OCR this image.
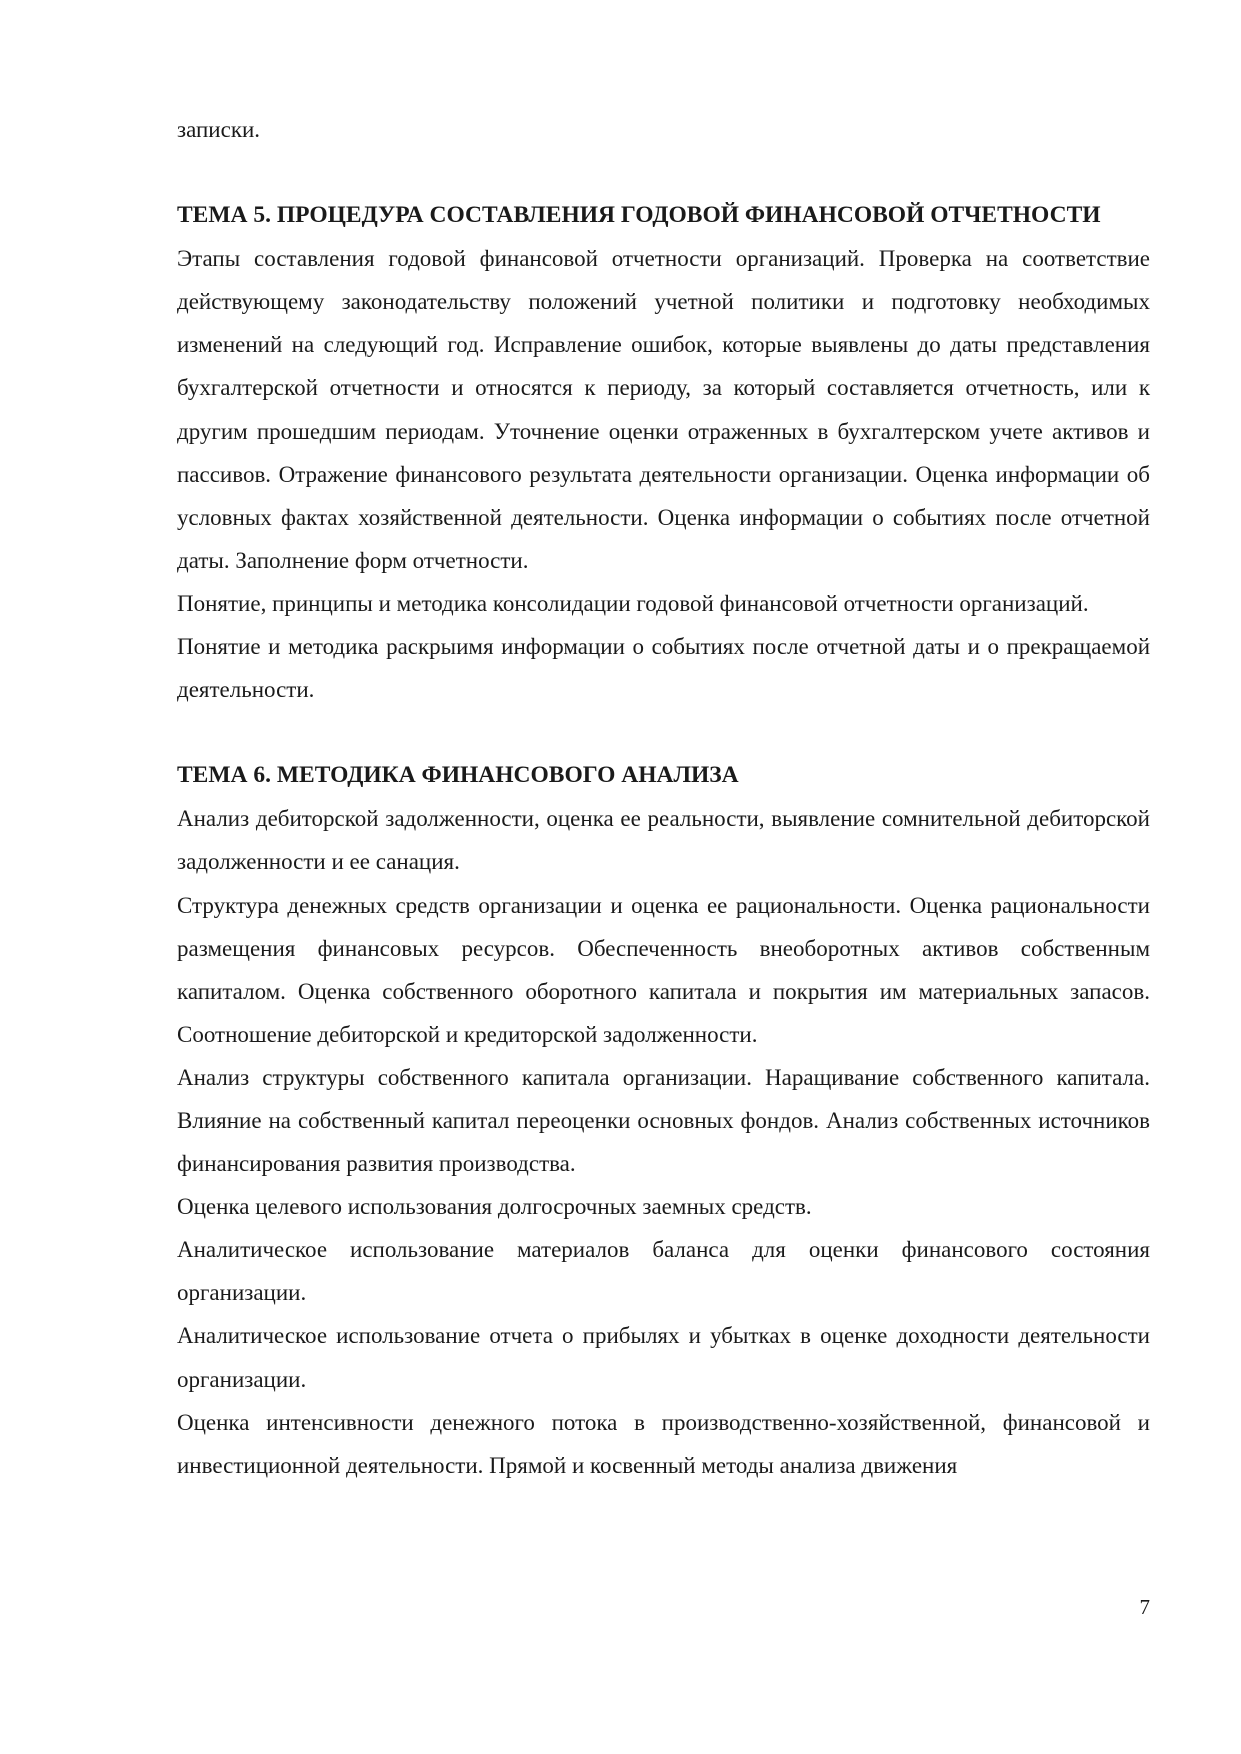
записки.

ТЕМА 5. ПРОЦЕДУРА СОСТАВЛЕНИЯ ГОДОВОЙ ФИНАНСОВОЙ ОТЧЕТНОСТИ

Этапы составления годовой финансовой отчетности организаций. Проверка на соответствие действующему законодательству положений учетной политики и подготовку необходимых изменений на следующий год. Исправление ошибок, которые выявлены до даты представления бухгалтерской отчетности и относятся к периоду, за который составляется отчетность, или к другим прошедшим периодам. Уточнение оценки отраженных в бухгалтерском учете активов и пассивов. Отражение финансового результата деятельности организации. Оценка информации об условных фактах хозяйственной деятельности. Оценка информации о событиях после отчетной даты. Заполнение форм отчетности.

Понятие, принципы и методика консолидации годовой финансовой отчетности организаций.

Понятие и методика раскрыимя информации о событиях после отчетной даты и о прекращаемой деятельности.

ТЕМА 6. МЕТОДИКА ФИНАНСОВОГО АНАЛИЗА

Анализ дебиторской задолженности, оценка ее реальности, выявление сомнительной дебиторской задолженности и ее санация.

Структура денежных средств организации и оценка ее рациональности. Оценка рациональности размещения финансовых ресурсов. Обеспеченность внеоборотных активов собственным капиталом. Оценка собственного оборотного капитала и покрытия им материальных запасов. Соотношение дебиторской и кредиторской задолженности.

Анализ структуры собственного капитала организации. Наращивание собственного капитала. Влияние на собственный капитал переоценки основных фондов. Анализ собственных источников финансирования развития производства.

Оценка целевого использования долгосрочных заемных средств.

Аналитическое использование материалов баланса для оценки финансового состояния организации.

Аналитическое использование отчета о прибылях и убытках в оценке доходности деятельности организации.

Оценка интенсивности денежного потока в производственно-хозяйственной, финансовой и инвестиционной деятельности. Прямой и косвенный методы анализа движения

7
